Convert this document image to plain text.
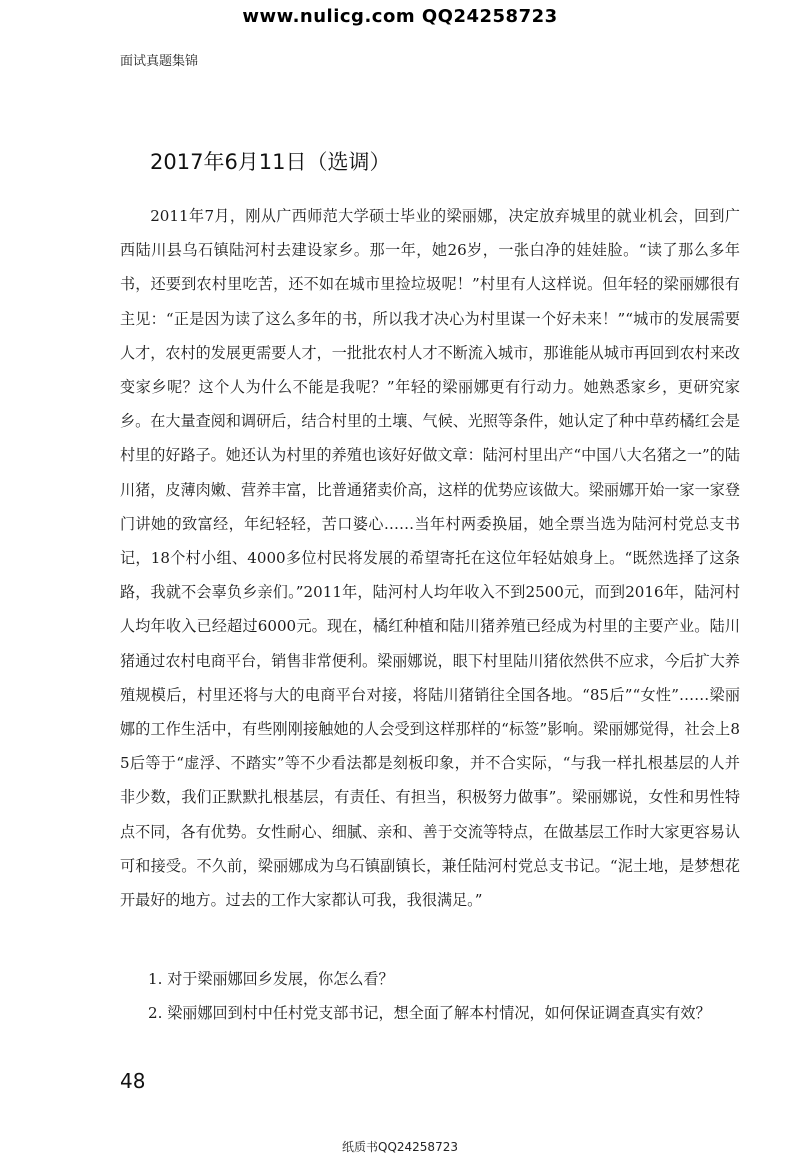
www.nulicg.com QQ24258723
面试真题集锦
2017年6月11日（选调）

2011年7月，刚从广西师范大学硕士毕业的梁丽娜，决定放弃城里的就业机会，回到广西陆川县乌石镇陆河村去建设家乡。那一年，她26岁，一张白净的娃娃脸。“读了那么多年书，还要到农村里吃苦，还不如在城市里捡垃圾呢！”村里有人这样说。但年轻的梁丽娜很有主见：“正是因为读了这么多年的书，所以我才决心为村里谋一个好未来！”“城市的发展需要人才，农村的发展更需要人才，一批批农村人才不断流入城市，那谁能从城市再回到农村来改变家乡呢？这个人为什么不能是我呢？”年轻的梁丽娜更有行动力。她熟悉家乡，更研究家乡。在大量查阅和调研后，结合村里的土壤、气候、光照等条件，她认定了种中草药橘红会是村里的好路子。她还认为村里的养殖也该好好做文章：陆河村里出产“中国八大名猪之一”的陆川猪，皮薄肉嫩、营养丰富，比普通猪卖价高，这样的优势应该做大。梁丽娜开始一家一家登门讲她的致富经，年纪轻轻，苦口婆心……当年村两委换届，她全票当选为陆河村党总支书记，18个村小组、4000多位村民将发展的希望寄托在这位年轻姑娘身上。“既然选择了这条路，我就不会辜负乡亲们。”2011年，陆河村人均年收入不到2500元，而到2016年，陆河村人均年收入已经超过6000元。现在，橘红种植和陆川猪养殖已经成为村里的主要产业。陆川猪通过农村电商平台，销售非常便利。梁丽娜说，眼下村里陆川猪依然供不应求，今后扩大养殖规模后，村里还将与大的电商平台对接，将陆川猪销往全国各地。“85后”“女性”……梁丽娜的工作生活中，有些刚刚接触她的人会受到这样那样的“标签”影响。梁丽娜觉得，社会上85后等于“虚浮、不踏实”等不少看法都是刻板印象，并不合实际，“与我一样扎根基层的人并非少数，我们正默默扎根基层，有责任、有担当，积极努力做事”。梁丽娜说，女性和男性特点不同，各有优势。女性耐心、细腻、亲和、善于交流等特点，在做基层工作时大家更容易认可和接受。不久前，梁丽娜成为乌石镇副镇长，兼任陆河村党总支书记。“泥土地，是梦想花开最好的地方。过去的工作大家都认可我，我很满足。”

1. 对于梁丽娜回乡发展，你怎么看？
2. 梁丽娜回到村中任村党支部书记，想全面了解本村情况，如何保证调查真实有效？
48
纸质书QQ24258723
